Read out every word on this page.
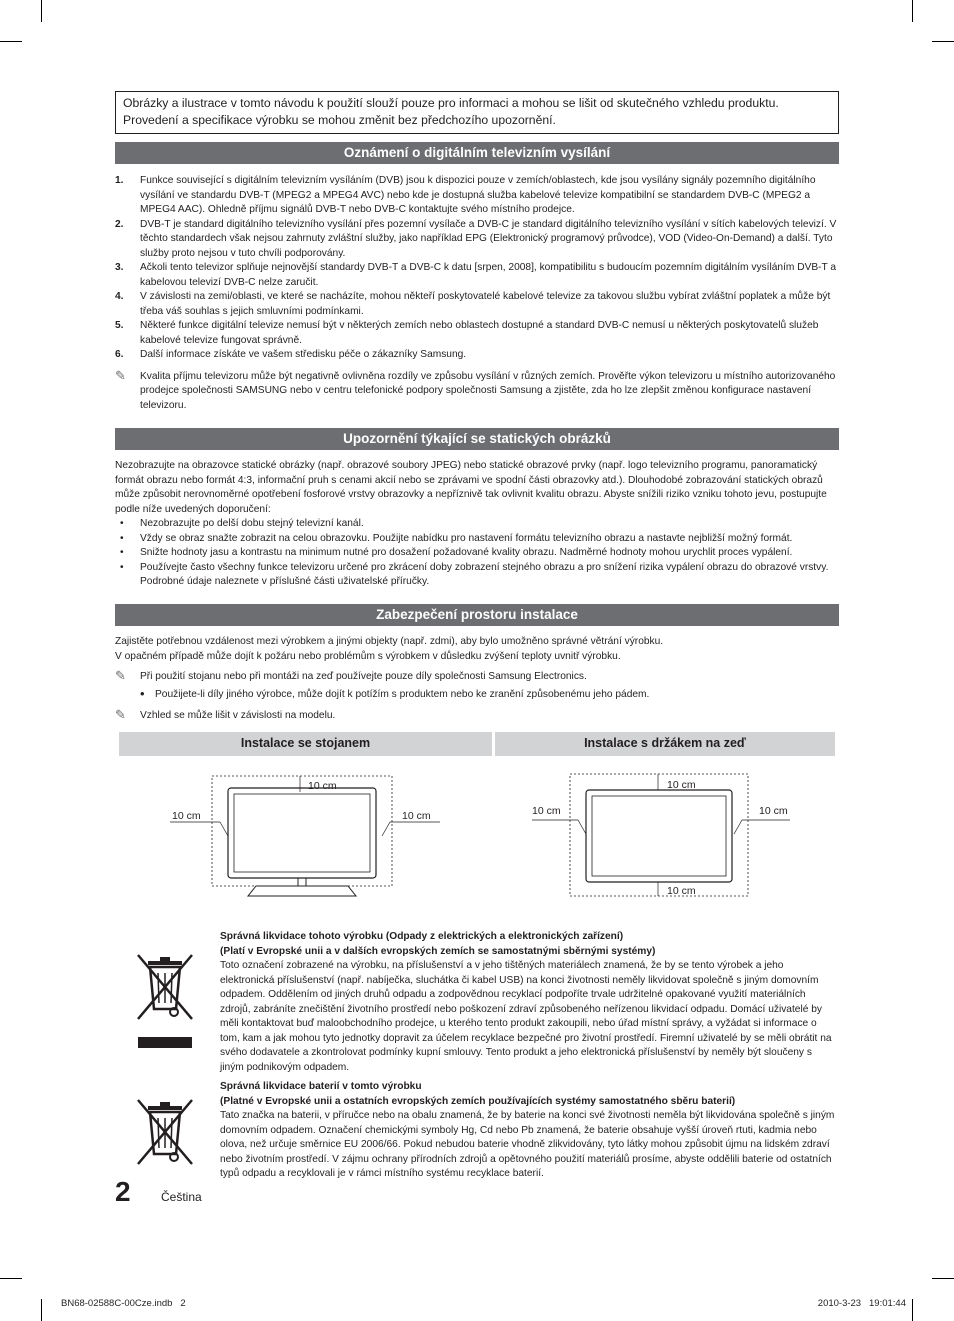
Obrázky a ilustrace v tomto návodu k použití slouží pouze pro informaci a mohou se lišit od skutečného vzhledu produktu.
Provedení a specifikace výrobku se mohou změnit bez předchozího upozornění.
Oznámení o digitálním televizním vysílání
1. Funkce související s digitálním televizním vysíláním (DVB) jsou k dispozici pouze v zemích/oblastech, kde jsou vysílány signály pozemního digitálního vysílání ve standardu DVB-T (MPEG2 a MPEG4 AVC) nebo kde je dostupná služba kabelové televize kompatibilní se standardem DVB-C (MPEG2 a MPEG4 AAC). Ohledně příjmu signálů DVB-T nebo DVB-C kontaktujte svého místního prodejce.
2. DVB-T je standard digitálního televizního vysílání přes pozemní vysílače a DVB-C je standard digitálního televizního vysílání v sítích kabelových televizí. V těchto standardech však nejsou zahrnuty zvláštní služby, jako například EPG (Elektronický programový průvodce), VOD (Video-On-Demand) a další. Tyto služby proto nejsou v tuto chvíli podporovány.
3. Ačkoli tento televizor splňuje nejnovější standardy DVB-T a DVB-C k datu [srpen, 2008], kompatibilitu s budoucím pozemním digitálním vysíláním DVB-T a kabelovou televizí DVB-C nelze zaručit.
4. V závislosti na zemi/oblasti, ve které se nacházíte, mohou někteří poskytovatelé kabelové televize za takovou službu vybírat zvláštní poplatek a může být třeba váš souhlas s jejich smluvními podmínkami.
5. Některé funkce digitální televize nemusí být v některých zemích nebo oblastech dostupné a standard DVB-C nemusí u některých poskytovatelů služeb kabelové televize fungovat správně.
6. Další informace získáte ve vašem středisku péče o zákazníky Samsung.
✎ Kvalita příjmu televizoru může být negativně ovlivněna rozdíly ve způsobu vysílání v různých zemích. Prověřte výkon televizoru u místního autorizovaného prodejce společnosti SAMSUNG nebo v centru telefonické podpory společnosti Samsung a zjistěte, zda ho lze zlepšit změnou konfigurace nastavení televizoru.
Upozornění týkající se statických obrázků
Nezobrazujte na obrazovce statické obrázky (např. obrazové soubory JPEG) nebo statické obrazové prvky (např. logo televizního programu, panoramatický formát obrazu nebo formát 4:3, informační pruh s cenami akcií nebo se zprávami ve spodní části obrazovky atd.). Dlouhodobé zobrazování statických obrazů může způsobit nerovnoměrné opotřebení fosforové vrstvy obrazovky a nepříznivě tak ovlivnit kvalitu obrazu. Abyste snížili riziko vzniku tohoto jevu, postupujte podle níže uvedených doporučení:
• Nezobrazujte po delší dobu stejný televizní kanál.
• Vždy se obraz snažte zobrazit na celou obrazovku. Použijte nabídku pro nastavení formátu televizního obrazu a nastavte nejbližší možný formát.
• Snižte hodnoty jasu a kontrastu na minimum nutné pro dosažení požadované kvality obrazu. Nadměrné hodnoty mohou urychlit proces vypálení.
• Používejte často všechny funkce televizoru určené pro zkrácení doby zobrazení stejného obrazu a pro snížení rizika vypálení obrazu do obrazové vrstvy. Podrobné údaje naleznete v příslušné části uživatelské příručky.
Zabezpečení prostoru instalace
Zajistěte potřebnou vzdálenost mezi výrobkem a jinými objekty (např. zdmi), aby bylo umožněno správné větrání výrobku.
V opačném případě může dojít k požáru nebo problémům s výrobkem v důsledku zvýšení teploty uvnitř výrobku.
✎ Při použití stojanu nebo při montáži na zeď používejte pouze díly společnosti Samsung Electronics.
• Použijete-li díly jiného výrobce, může dojít k potížím s produktem nebo ke zranění způsobenému jeho pádem.
✎ Vzhled se může lišit v závislosti na modelu.
Instalace se stojanem	Instalace s držákem na zeď
10 cm	10 cm
10 cm
10 cm	10 cm
10 cm
10 cm
Správná likvidace tohoto výrobku (Odpady z elektrických a elektronických zařízení)
(Platí v Evropské unii a v dalších evropských zemích se samostatnými sběrnými systémy)
Toto označení zobrazené na výrobku, na příslušenství a v jeho tištěných materiálech znamená, že by se tento výrobek a jeho elektronická příslušenství (např. nabíječka, sluchátka či kabel USB) na konci životnosti neměly likvidovat společně s jiným domovním odpadem. Oddělením od jiných druhů odpadu a zodpovědnou recyklací podpoříte trvale udržitelné opakované využití materiálních zdrojů, zabráníte znečištění životního prostředí nebo poškození zdraví způsobeného neřízenou likvidací odpadu. Domácí uživatelé by měli kontaktovat buď maloobchodního prodejce, u kterého tento produkt zakoupili, nebo úřad místní správy, a vyžádat si informace o tom, kam a jak mohou tyto jednotky dopravit za účelem recyklace bezpečné pro životní prostředí. Firemní uživatelé by se měli obrátit na svého dodavatele a zkontrolovat podmínky kupní smlouvy. Tento produkt a jeho elektronická příslušenství by neměly být sloučeny s jiným podnikovým odpadem.
Správná likvidace baterií v tomto výrobku
(Platné v Evropské unii a ostatních evropských zemích používajících systémy samostatného sběru baterií)
Tato značka na baterii, v příručce nebo na obalu znamená, že by baterie na konci své životnosti neměla být likvidována společně s jiným domovním odpadem. Označení chemickými symboly Hg, Cd nebo Pb znamená, že baterie obsahuje vyšší úroveň rtuti, kadmia nebo olova, než určuje směrnice EU 2006/66. Pokud nebudou baterie vhodně zlikvidovány, tyto látky mohou způsobit újmu na lidském zdraví nebo životním prostředí. V zájmu ochrany přírodních zdrojů a opětovného použití materiálů prosíme, abyste oddělili baterie od ostatních typů odpadu a recyklovali je v rámci místního systému recyklace baterií.
2	Čeština
BN68-02588C-00Cze.indb   2	2010-3-23   19:01:44
